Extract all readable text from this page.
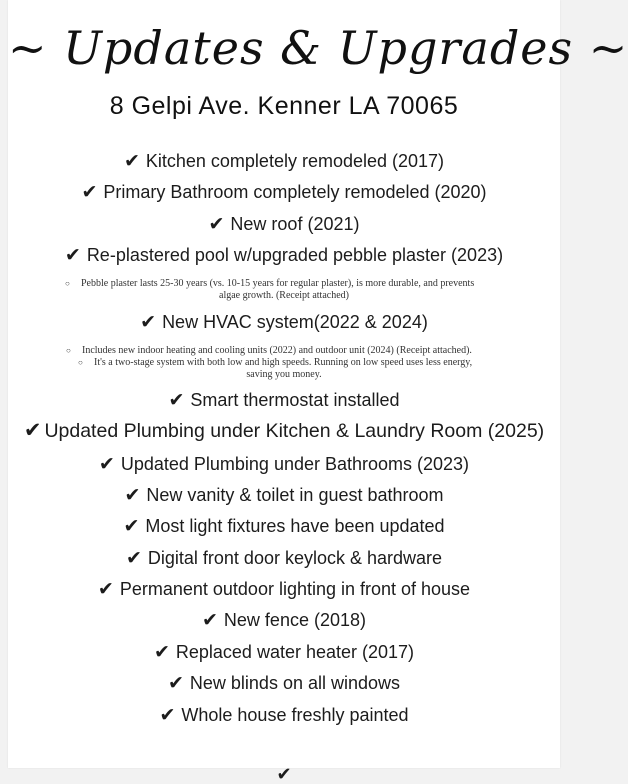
~ Updates & Upgrades ~
8 Gelpi Ave. Kenner LA 70065
✔ Kitchen completely remodeled (2017)
✔ Primary Bathroom completely remodeled (2020)
✔ New roof (2021)
✔ Re-plastered pool w/upgraded pebble plaster (2023)
○ Pebble plaster lasts 25-30 years (vs. 10-15 years for regular plaster), is more durable, and prevents
algae growth. (Receipt attached)
✔ New HVAC system(2022 & 2024)
○ Includes new indoor heating and cooling units (2022) and outdoor unit (2024) (Receipt attached).
○ It's a two-stage system with both low and high speeds. Running on low speed uses less energy,
saving you money.
✔ Smart thermostat installed
✔ Updated Plumbing under Kitchen & Laundry Room (2025)
✔ Updated Plumbing under Bathrooms (2023)
✔ New vanity & toilet in guest bathroom
✔ Most light fixtures have been updated
✔ Digital front door keylock & hardware
✔ Permanent outdoor lighting in front of house
✔ New fence (2018)
✔ Replaced water heater (2017)
✔ New blinds on all windows
✔ Whole house freshly painted
✔
